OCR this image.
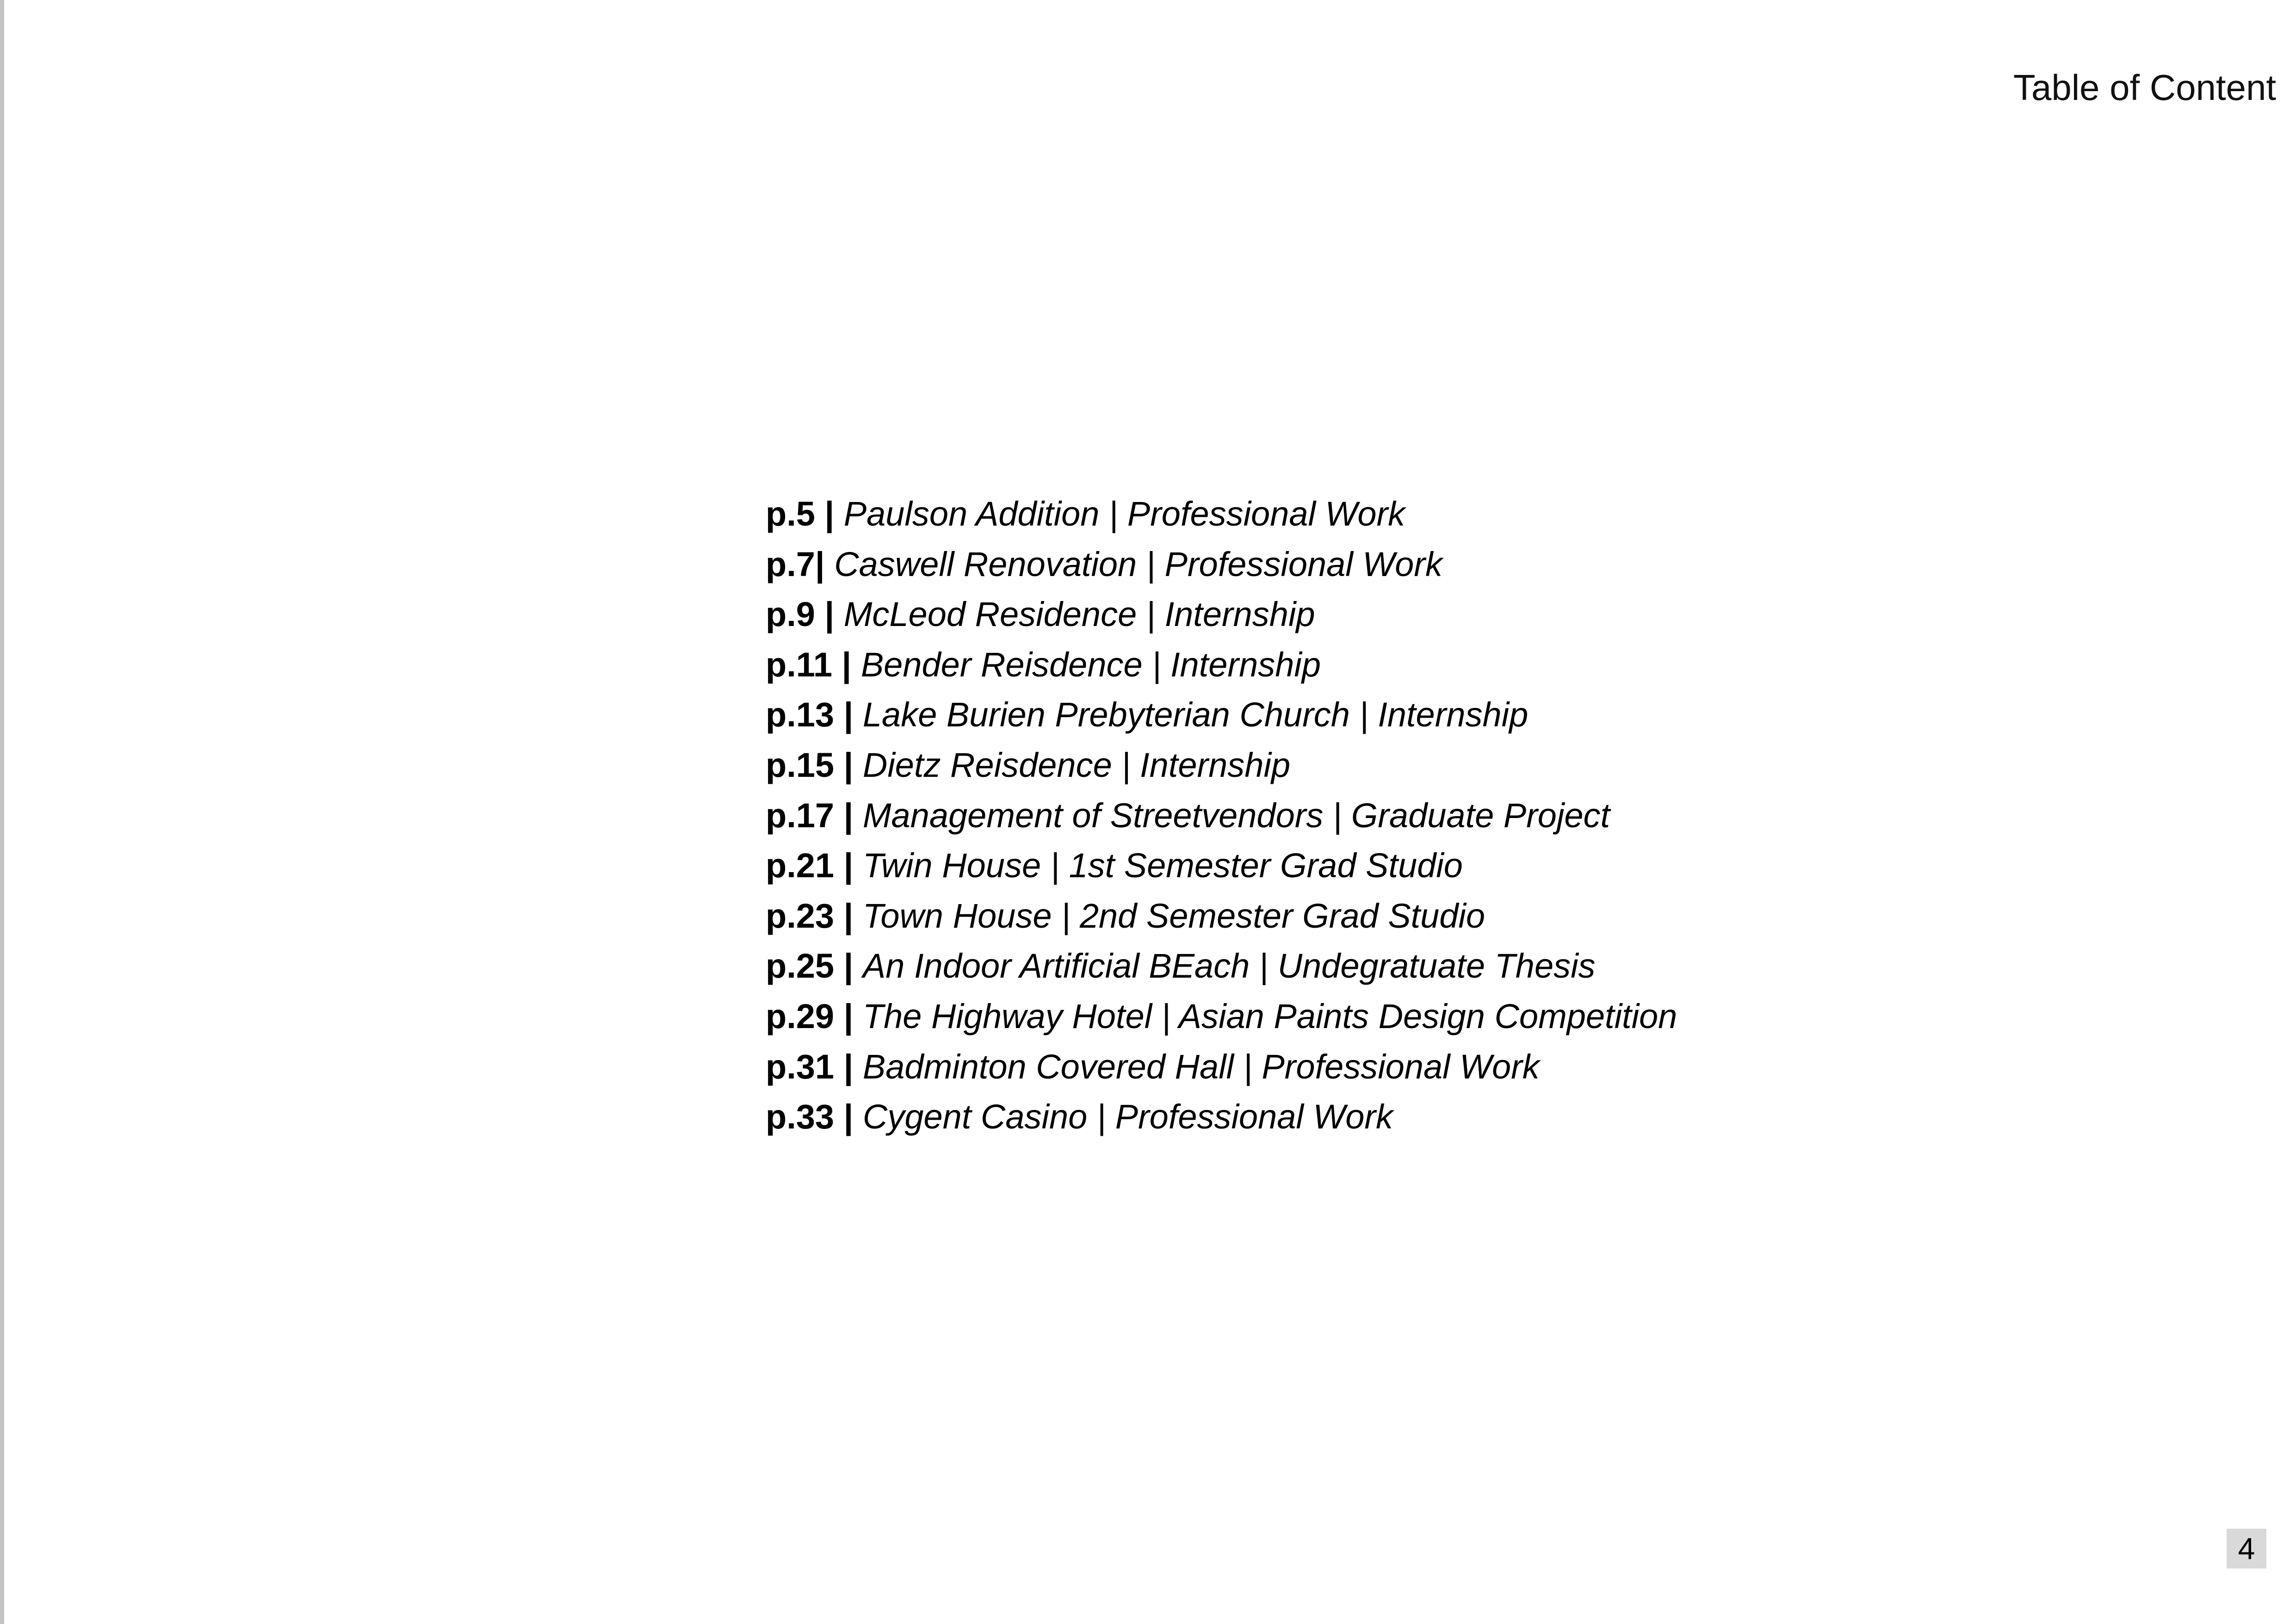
Table of Content
p.5 | Paulson Addition | Professional Work
p.7| Caswell Renovation | Professional Work
p.9 | McLeod Residence | Internship
p.11 | Bender Reisdence | Internship
p.13 | Lake Burien Prebyterian Church | Internship
p.15 | Dietz Reisdence | Internship
p.17 | Management of Streetvendors | Graduate Project
p.21 | Twin House | 1st Semester Grad Studio
p.23 | Town House | 2nd Semester Grad Studio
p.25 | An Indoor Artificial BEach | Undegratuate Thesis
p.29 | The Highway Hotel | Asian Paints Design Competition
p.31 | Badminton Covered Hall | Professional Work
p.33 | Cygent Casino | Professional Work
4
